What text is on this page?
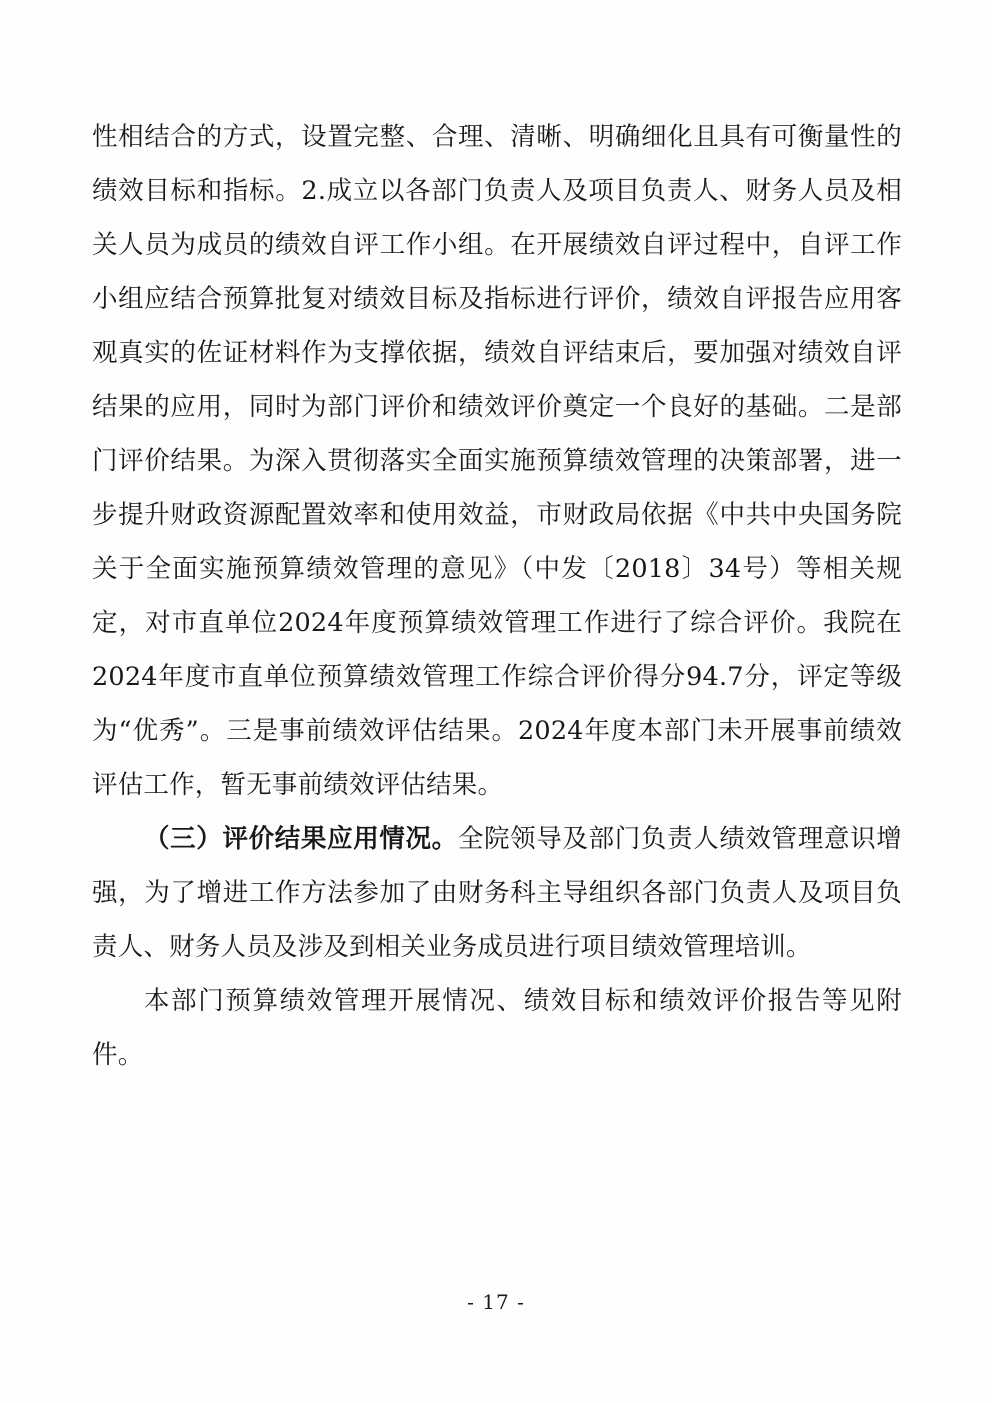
性相结合的方式，设置完整、合理、清晰、明确细化且具有可衡量性的绩效目标和指标。2.成立以各部门负责人及项目负责人、财务人员及相关人员为成员的绩效自评工作小组。在开展绩效自评过程中，自评工作小组应结合预算批复对绩效目标及指标进行评价，绩效自评报告应用客观真实的佐证材料作为支撑依据，绩效自评结束后，要加强对绩效自评结果的应用，同时为部门评价和绩效评价奠定一个良好的基础。二是部门评价结果。为深入贯彻落实全面实施预算绩效管理的决策部署，进一步提升财政资源配置效率和使用效益，市财政局依据《中共中央国务院关于全面实施预算绩效管理的意见》（中发〔2018〕34号）等相关规定，对市直单位2024年度预算绩效管理工作进行了综合评价。我院在2024年度市直单位预算绩效管理工作综合评价得分94.7分，评定等级为“优秀”。三是事前绩效评估结果。2024年度本部门未开展事前绩效评估工作，暂无事前绩效评估结果。

（三）评价结果应用情况。全院领导及部门负责人绩效管理意识增强，为了增进工作方法参加了由财务科主导组织各部门负责人及项目负责人、财务人员及涉及到相关业务成员进行项目绩效管理培训。

本部门预算绩效管理开展情况、绩效目标和绩效评价报告等见附件。

- 17 -
